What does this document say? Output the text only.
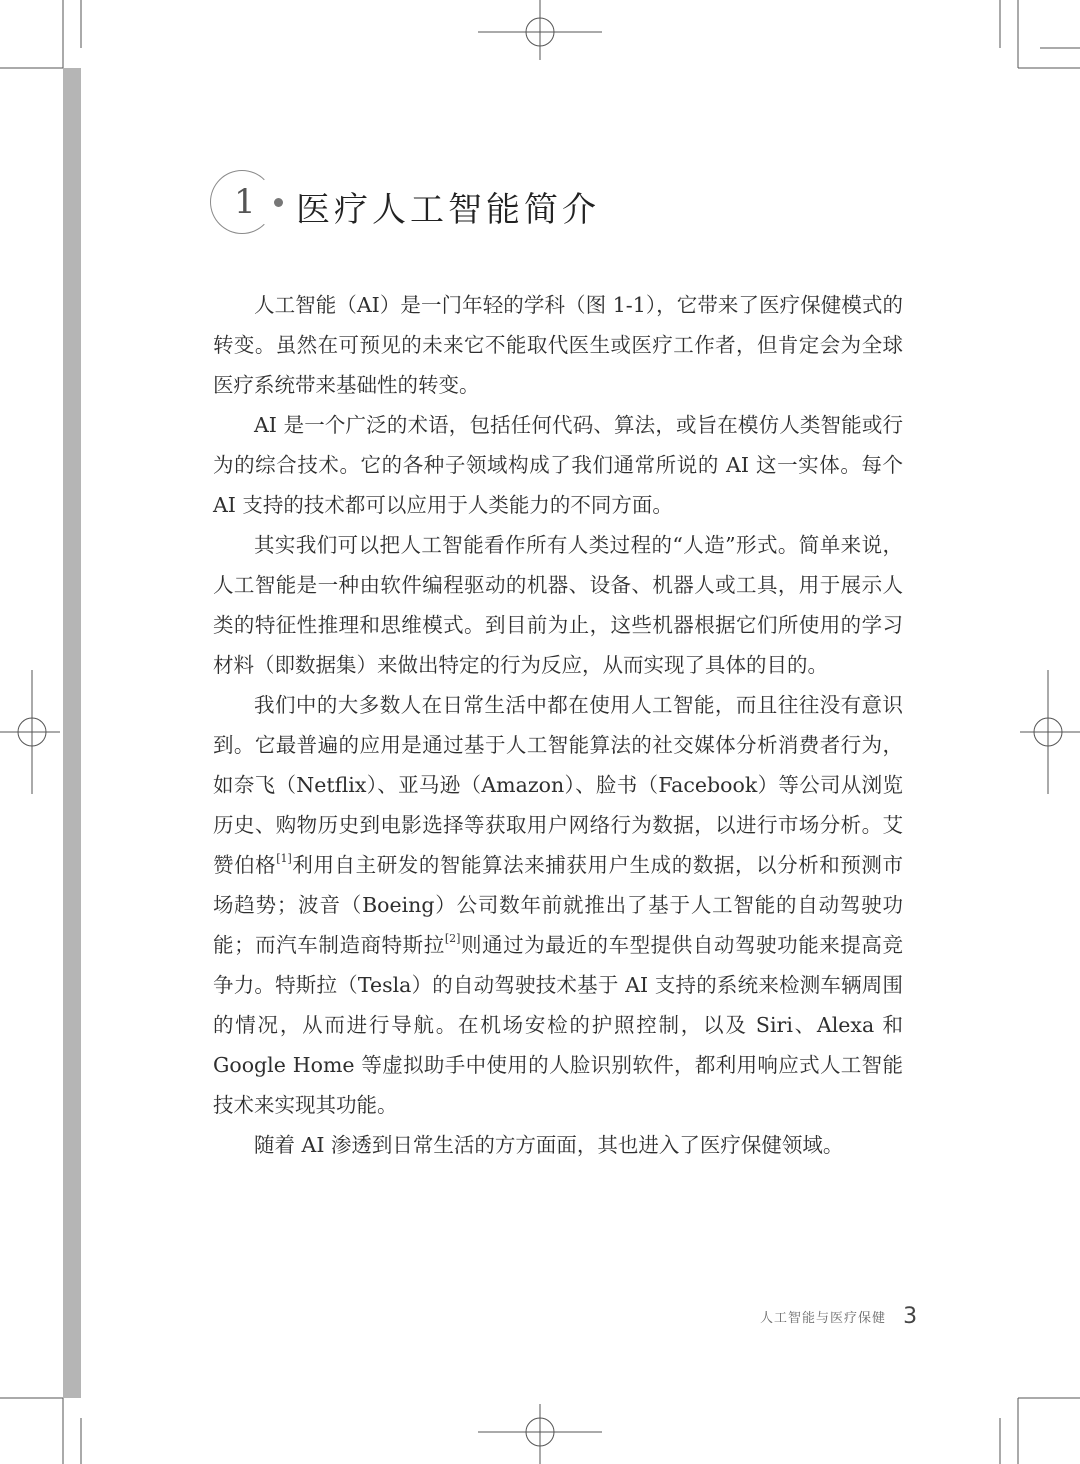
1 医疗人工智能简介

人工智能（AI）是一门年轻的学科（图 1-1），它带来了医疗保健模式的转变。虽然在可预见的未来它不能取代医生或医疗工作者，但肯定会为全球医疗系统带来基础性的转变。

AI 是一个广泛的术语，包括任何代码、算法，或旨在模仿人类智能或行为的综合技术。它的各种子领域构成了我们通常所说的 AI 这一实体。每个 AI 支持的技术都可以应用于人类能力的不同方面。

其实我们可以把人工智能看作所有人类过程的“人造”形式。简单来说，人工智能是一种由软件编程驱动的机器、设备、机器人或工具，用于展示人类的特征性推理和思维模式。到目前为止，这些机器根据它们所使用的学习材料（即数据集）来做出特定的行为反应，从而实现了具体的目的。

我们中的大多数人在日常生活中都在使用人工智能，而且往往没有意识到。它最普遍的应用是通过基于人工智能算法的社交媒体分析消费者行为，如奈飞（Netflix）、亚马逊（Amazon）、脸书（Facebook）等公司从浏览历史、购物历史到电影选择等获取用户网络行为数据，以进行市场分析。艾赞伯格[1]利用自主研发的智能算法来捕获用户生成的数据，以分析和预测市场趋势；波音（Boeing）公司数年前就推出了基于人工智能的自动驾驶功能；而汽车制造商特斯拉[2]则通过为最近的车型提供自动驾驶功能来提高竞争力。特斯拉（Tesla）的自动驾驶技术基于 AI 支持的系统来检测车辆周围的情况，从而进行导航。在机场安检的护照控制，以及 Siri、Alexa 和 Google Home 等虚拟助手中使用的人脸识别软件，都利用响应式人工智能技术来实现其功能。

随着 AI 渗透到日常生活的方方面面，其也进入了医疗保健领域。

人工智能与医疗保健 3
